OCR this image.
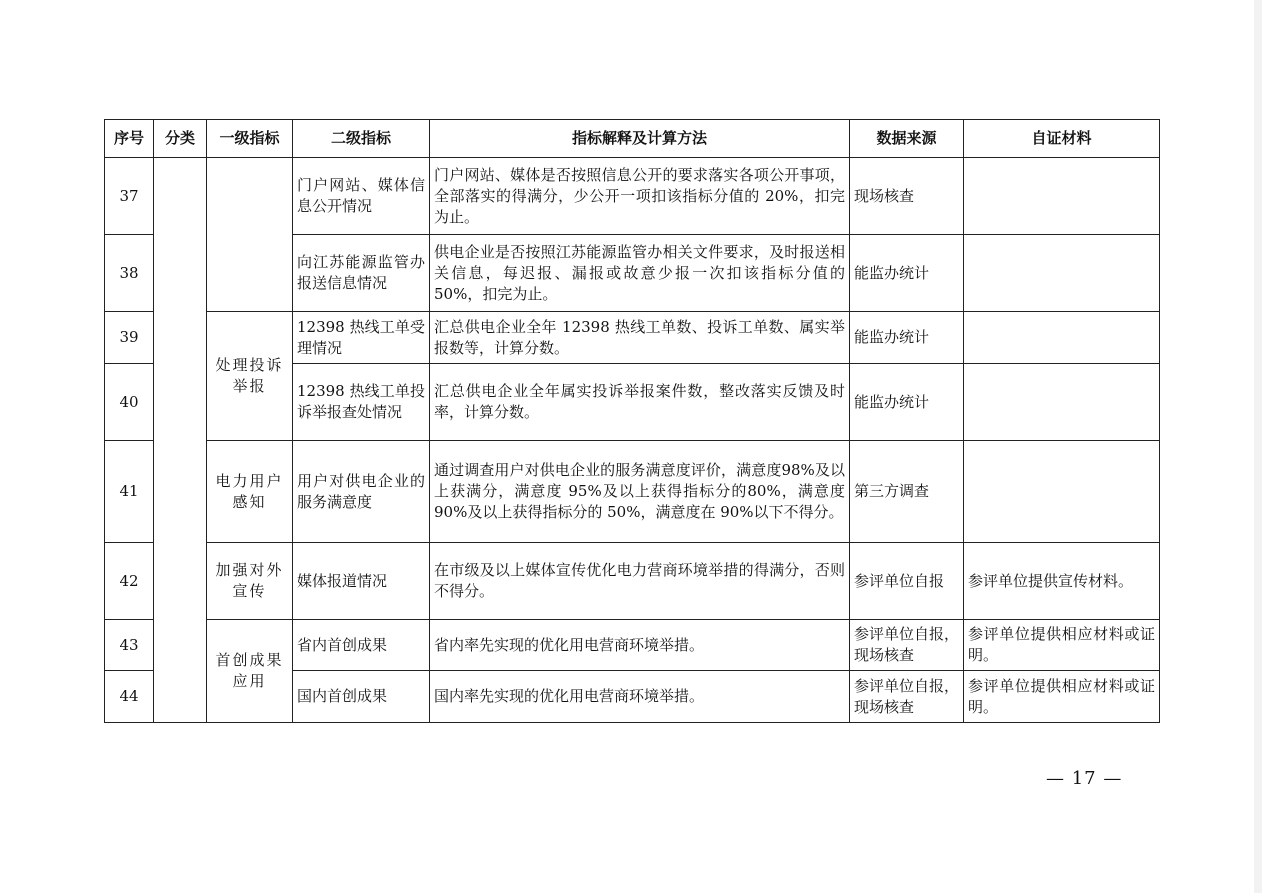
序号	分类	一级指标	二级指标	指标解释及计算方法	数据来源	自证材料
37			门户网站、媒体信息公开情况	门户网站、媒体是否按照信息公开的要求落实各项公开事项，全部落实的得满分，少公开一项扣该指标分值的 20%，扣完为止。	现场核查	
38			向江苏能源监管办报送信息情况	供电企业是否按照江苏能源监管办相关文件要求，及时报送相关信息，每迟报、漏报或故意少报一次扣该指标分值的 50%，扣完为止。	能监办统计	
39		处理投诉举报	12398 热线工单受理情况	汇总供电企业全年 12398 热线工单数、投诉工单数、属实举报数等，计算分数。	能监办统计	
40			12398 热线工单投诉举报查处情况	汇总供电企业全年属实投诉举报案件数，整改落实反馈及时率，计算分数。	能监办统计	
41		电力用户感知	用户对供电企业的服务满意度	通过调查用户对供电企业的服务满意度评价，满意度98%及以上获满分，满意度 95%及以上获得指标分的80%，满意度 90%及以上获得指标分的 50%，满意度在 90%以下不得分。	第三方调查	
42		加强对外宣传	媒体报道情况	在市级及以上媒体宣传优化电力营商环境举措的得满分，否则不得分。	参评单位自报	参评单位提供宣传材料。
43		首创成果应用	省内首创成果	省内率先实现的优化用电营商环境举措。	参评单位自报，现场核查	参评单位提供相应材料或证明。
44			国内首创成果	国内率先实现的优化用电营商环境举措。	参评单位自报，现场核查	参评单位提供相应材料或证明。
— 17 —
